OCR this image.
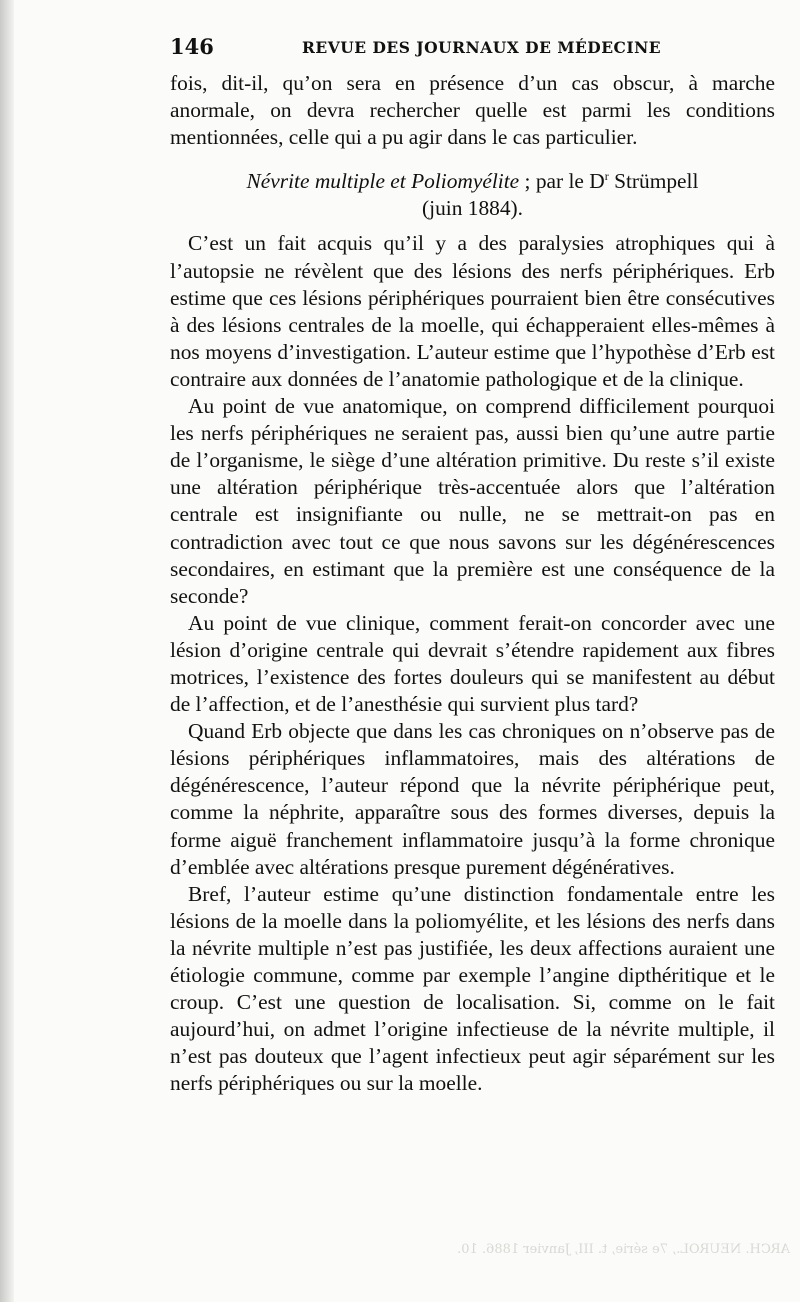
146	REVUE DES JOURNAUX DE MÉDECINE

fois, dit-il, qu’on sera en présence d’un cas obscur, à marche anormale, on devra rechercher quelle est parmi les conditions mentionnées, celle qui a pu agir dans le cas particulier.

Névrite multiple et Poliomyélite ; par le $D^r$ Strümpell
(juin 1884).

C’est un fait acquis qu’il y a des paralysies atrophiques qui à l’autopsie ne révèlent que des lésions des nerfs périphériques. Erb estime que ces lésions périphériques pourraient bien être consécutives à des lésions centrales de la moelle, qui échapperaient elles-mêmes à nos moyens d’investigation. L’auteur estime que l’hypothèse d’Erb est contraire aux données de l’anatomie pathologique et de la clinique.

Au point de vue anatomique, on comprend difficilement pourquoi les nerfs périphériques ne seraient pas, aussi bien qu’une autre partie de l’organisme, le siège d’une altération primitive. Du reste s’il existe une altération périphérique très-accentuée alors que l’altération centrale est insignifiante ou nulle, ne se mettrait-on pas en contradiction avec tout ce que nous savons sur les dégénérescences secondaires, en estimant que la première est une conséquence de la seconde?

Au point de vue clinique, comment ferait-on concorder avec une lésion d’origine centrale qui devrait s’étendre rapidement aux fibres motrices, l’existence des fortes douleurs qui se manifestent au début de l’affection, et de l’anesthésie qui survient plus tard?

Quand Erb objecte que dans les cas chroniques on n’observe pas de lésions périphériques inflammatoires, mais des altérations de dégénérescence, l’auteur répond que la névrite périphérique peut, comme la néphrite, apparaître sous des formes diverses, depuis la forme aiguë franchement inflammatoire jusqu’à la forme chronique d’emblée avec altérations presque purement dégénératives.

Bref, l’auteur estime qu’une distinction fondamentale entre les lésions de la moelle dans la poliomyélite, et les lésions des nerfs dans la névrite multiple n’est pas justifiée, les deux affections auraient une étiologie commune, comme par exemple l’angine dipthéritique et le croup. C’est une question de localisation. Si, comme on le fait aujourd’hui, on admet l’origine infectieuse de la névrite multiple, il n’est pas douteux que l’agent infectieux peut agir séparément sur les nerfs périphériques ou sur la moelle.

ARCH. NEUROL., 7e série, t. III, Janvier 1886. 10.
